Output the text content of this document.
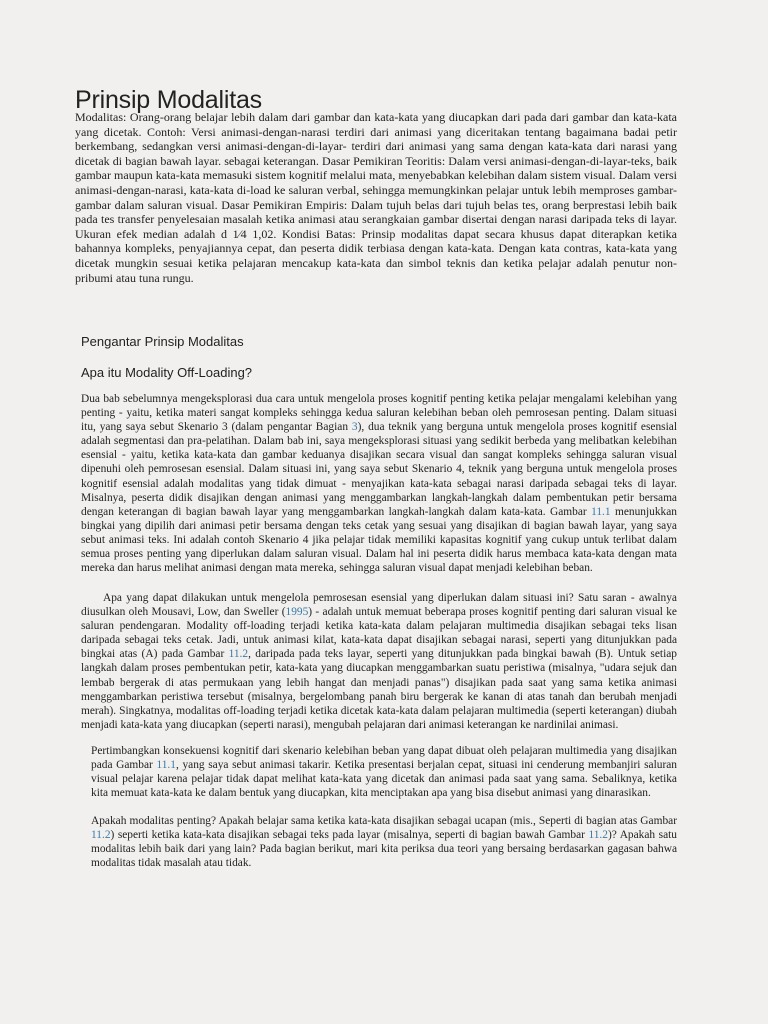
Prinsip Modalitas

Modalitas: Orang-orang belajar lebih dalam dari gambar dan kata-kata yang diucapkan dari pada dari gambar dan kata-kata yang dicetak. Contoh: Versi animasi-dengan-narasi terdiri dari animasi yang diceritakan tentang bagaimana badai petir berkembang, sedangkan versi animasi-dengan-di-layar- terdiri dari animasi yang sama dengan kata-kata dari narasi yang dicetak di bagian bawah layar. sebagai keterangan. Dasar Pemikiran Teoritis: Dalam versi animasi-dengan-di-layar-teks, baik gambar maupun kata-kata memasuki sistem kognitif melalui mata, menyebabkan kelebihan dalam sistem visual. Dalam versi animasi-dengan-narasi, kata-kata di-load ke saluran verbal, sehingga memungkinkan pelajar untuk lebih memproses gambar-gambar dalam saluran visual. Dasar Pemikiran Empiris: Dalam tujuh belas dari tujuh belas tes, orang berprestasi lebih baik pada tes transfer penyelesaian masalah ketika animasi atau serangkaian gambar disertai dengan narasi daripada teks di layar. Ukuran efek median adalah d 1⁄4 1,02. Kondisi Batas: Prinsip modalitas dapat secara khusus dapat diterapkan ketika bahannya kompleks, penyajiannya cepat, dan peserta didik terbiasa dengan kata-kata. Dengan kata contras, kata-kata yang dicetak mungkin sesuai ketika pelajaran mencakup kata-kata dan simbol teknis dan ketika pelajar adalah penutur non-pribumi atau tuna rungu.

Pengantar Prinsip Modalitas
Apa itu Modality Off-Loading?

Dua bab sebelumnya mengeksplorasi dua cara untuk mengelola proses kognitif penting ketika pelajar mengalami kelebihan yang penting - yaitu, ketika materi sangat kompleks sehingga kedua saluran kelebihan beban oleh pemrosesan penting. Dalam situasi itu, yang saya sebut Skenario 3 (dalam pengantar Bagian 3), dua teknik yang berguna untuk mengelola proses kognitif esensial adalah segmentasi dan pra-pelatihan. Dalam bab ini, saya mengeksplorasi situasi yang sedikit berbeda yang melibatkan kelebihan esensial - yaitu, ketika kata-kata dan gambar keduanya disajikan secara visual dan sangat kompleks sehingga saluran visual dipenuhi oleh pemrosesan esensial. Dalam situasi ini, yang saya sebut Skenario 4, teknik yang berguna untuk mengelola proses kognitif esensial adalah modalitas yang tidak dimuat - menyajikan kata-kata sebagai narasi daripada sebagai teks di layar. Misalnya, peserta didik disajikan dengan animasi yang menggambarkan langkah-langkah dalam pembentukan petir bersama dengan keterangan di bagian bawah layar yang menggambarkan langkah-langkah dalam kata-kata. Gambar 11.1 menunjukkan bingkai yang dipilih dari animasi petir bersama dengan teks cetak yang sesuai yang disajikan di bagian bawah layar, yang saya sebut animasi teks. Ini adalah contoh Skenario 4 jika pelajar tidak memiliki kapasitas kognitif yang cukup untuk terlibat dalam semua proses penting yang diperlukan dalam saluran visual. Dalam hal ini peserta didik harus membaca kata-kata dengan mata mereka dan harus melihat animasi dengan mata mereka, sehingga saluran visual dapat menjadi kelebihan beban.

Apa yang dapat dilakukan untuk mengelola pemrosesan esensial yang diperlukan dalam situasi ini? Satu saran - awalnya diusulkan oleh Mousavi, Low, dan Sweller (1995) - adalah untuk memuat beberapa proses kognitif penting dari saluran visual ke saluran pendengaran. Modality off-loading terjadi ketika kata-kata dalam pelajaran multimedia disajikan sebagai teks lisan daripada sebagai teks cetak. Jadi, untuk animasi kilat, kata-kata dapat disajikan sebagai narasi, seperti yang ditunjukkan pada bingkai atas (A) pada Gambar 11.2, daripada pada teks layar, seperti yang ditunjukkan pada bingkai bawah (B). Untuk setiap langkah dalam proses pembentukan petir, kata-kata yang diucapkan menggambarkan suatu peristiwa (misalnya, "udara sejuk dan lembab bergerak di atas permukaan yang lebih hangat dan menjadi panas") disajikan pada saat yang sama ketika animasi menggambarkan peristiwa tersebut (misalnya, bergelombang panah biru bergerak ke kanan di atas tanah dan berubah menjadi merah). Singkatnya, modalitas off-loading terjadi ketika dicetak kata-kata dalam pelajaran multimedia (seperti keterangan) diubah menjadi kata-kata yang diucapkan (seperti narasi), mengubah pelajaran dari animasi keterangan ke nardinilai animasi.

Pertimbangkan konsekuensi kognitif dari skenario kelebihan beban yang dapat dibuat oleh pelajaran multimedia yang disajikan pada Gambar 11.1, yang saya sebut animasi takarir. Ketika presentasi berjalan cepat, situasi ini cenderung membanjiri saluran visual pelajar karena pelajar tidak dapat melihat kata-kata yang dicetak dan animasi pada saat yang sama. Sebaliknya, ketika kita memuat kata-kata ke dalam bentuk yang diucapkan, kita menciptakan apa yang bisa disebut animasi yang dinarasikan.

Apakah modalitas penting? Apakah belajar sama ketika kata-kata disajikan sebagai ucapan (mis., Seperti di bagian atas Gambar 11.2) seperti ketika kata-kata disajikan sebagai teks pada layar (misalnya, seperti di bagian bawah Gambar 11.2)? Apakah satu modalitas lebih baik dari yang lain? Pada bagian berikut, mari kita periksa dua teori yang bersaing berdasarkan gagasan bahwa modalitas tidak masalah atau tidak.
